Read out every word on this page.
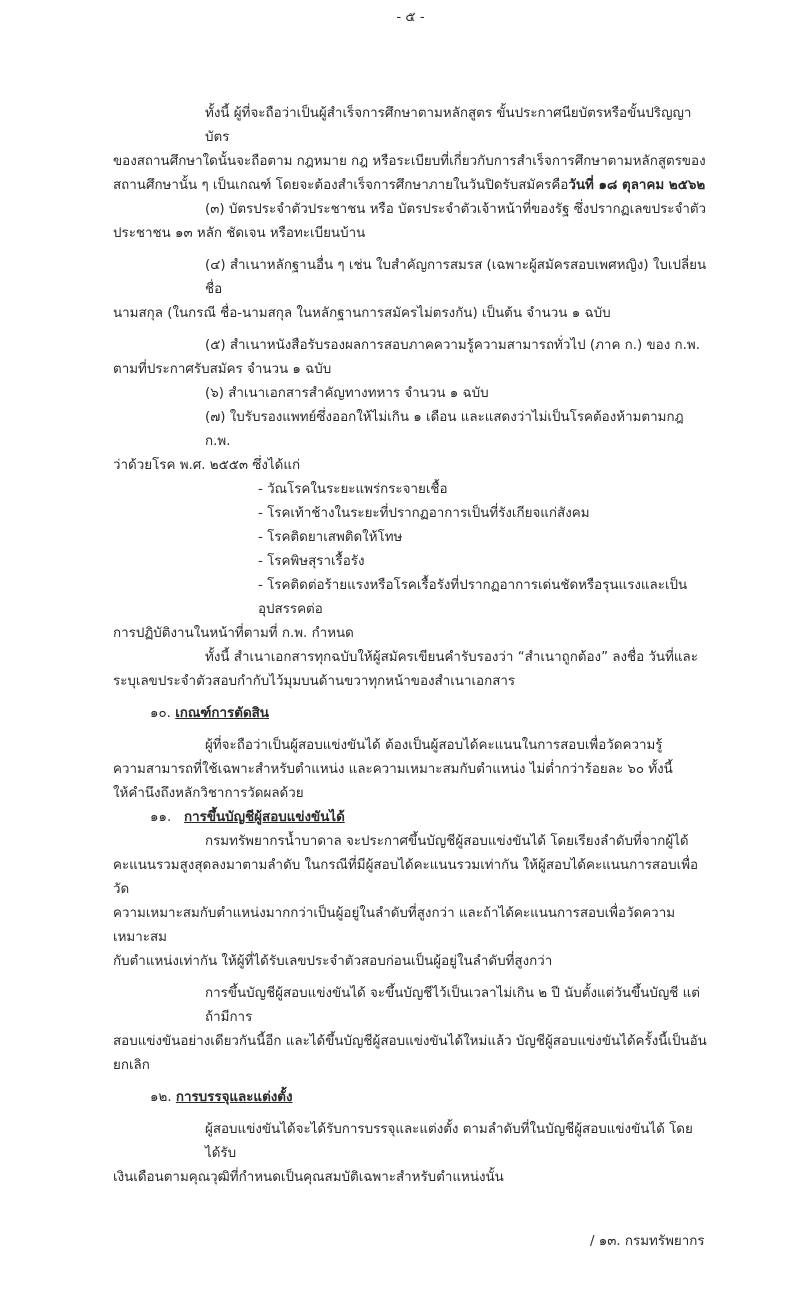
- ๕ -
ทั้งนี้ ผู้ที่จะถือว่าเป็นผู้สำเร็จการศึกษาตามหลักสูตร ขั้นประกาศนียบัตรหรือขั้นปริญญาบัตร
ของสถานศึกษาใดนั้นจะถือตาม กฎหมาย กฎ หรือระเบียบที่เกี่ยวกับการสำเร็จการศึกษาตามหลักสูตรของ
สถานศึกษานั้น ๆ เป็นเกณฑ์ โดยจะต้องสำเร็จการศึกษาภายในวันปิดรับสมัครคือวันที่ ๑๘ ตุลาคม ๒๕๖๒
(๓) บัตรประจำตัวประชาชน หรือ บัตรประจำตัวเจ้าหน้าที่ของรัฐ ซึ่งปรากฏเลขประจำตัว
ประชาชน ๑๓ หลัก ชัดเจน หรือทะเบียนบ้าน
(๔) สำเนาหลักฐานอื่น ๆ เช่น ใบสำคัญการสมรส (เฉพาะผู้สมัครสอบเพศหญิง) ใบเปลี่ยนชื่อ
นามสกุล (ในกรณี ชื่อ-นามสกุล ในหลักฐานการสมัครไม่ตรงกัน) เป็นต้น จำนวน ๑ ฉบับ
(๕) สำเนาหนังสือรับรองผลการสอบภาคความรู้ความสามารถทั่วไป (ภาค ก.) ของ ก.พ.
ตามที่ประกาศรับสมัคร จำนวน ๑ ฉบับ
(๖) สำเนาเอกสารสำคัญทางทหาร จำนวน ๑ ฉบับ
(๗) ใบรับรองแพทย์ซึ่งออกให้ไม่เกิน ๑ เดือน และแสดงว่าไม่เป็นโรคต้องห้ามตามกฎ ก.พ.
ว่าด้วยโรค พ.ศ. ๒๕๕๓ ซึ่งได้แก่
- วัณโรคในระยะแพร่กระจายเชื้อ
- โรคเท้าช้างในระยะที่ปรากฏอาการเป็นที่รังเกียจแก่สังคม
- โรคติดยาเสพติดให้โทษ
- โรคพิษสุราเรื้อรัง
- โรคติดต่อร้ายแรงหรือโรคเรื้อรังที่ปรากฏอาการเด่นชัดหรือรุนแรงและเป็นอุปสรรคต่อ
การปฏิบัติงานในหน้าที่ตามที่ ก.พ. กำหนด
ทั้งนี้ สำเนาเอกสารทุกฉบับให้ผู้สมัครเขียนคำรับรองว่า “สำเนาถูกต้อง” ลงชื่อ วันที่และ
ระบุเลขประจำตัวสอบกำกับไว้มุมบนด้านขวาทุกหน้าของสำเนาเอกสาร
๑๐. เกณฑ์การตัดสิน
ผู้ที่จะถือว่าเป็นผู้สอบแข่งขันได้ ต้องเป็นผู้สอบได้คะแนนในการสอบเพื่อวัดความรู้
ความสามารถที่ใช้เฉพาะสำหรับตำแหน่ง และความเหมาะสมกับตำแหน่ง ไม่ต่ำกว่าร้อยละ ๖๐ ทั้งนี้
ให้คำนึงถึงหลักวิชาการวัดผลด้วย
๑๑. การขึ้นบัญชีผู้สอบแข่งขันได้
กรมทรัพยากรน้ำบาดาล จะประกาศขึ้นบัญชีผู้สอบแข่งขันได้ โดยเรียงลำดับที่จากผู้ได้
คะแนนรวมสูงสุดลงมาตามลำดับ ในกรณีที่มีผู้สอบได้คะแนนรวมเท่ากัน ให้ผู้สอบได้คะแนนการสอบเพื่อวัด
ความเหมาะสมกับตำแหน่งมากกว่าเป็นผู้อยู่ในลำดับที่สูงกว่า และถ้าได้คะแนนการสอบเพื่อวัดความเหมาะสม
กับตำแหน่งเท่ากัน ให้ผู้ที่ได้รับเลขประจำตัวสอบก่อนเป็นผู้อยู่ในลำดับที่สูงกว่า
การขึ้นบัญชีผู้สอบแข่งขันได้ จะขึ้นบัญชีไว้เป็นเวลาไม่เกิน ๒ ปี นับตั้งแต่วันขึ้นบัญชี แต่ถ้ามีการ
สอบแข่งขันอย่างเดียวกันนี้อีก และได้ขึ้นบัญชีผู้สอบแข่งขันได้ใหม่แล้ว บัญชีผู้สอบแข่งขันได้ครั้งนี้เป็นอันยกเลิก
๑๒. การบรรจุและแต่งตั้ง
ผู้สอบแข่งขันได้จะได้รับการบรรจุและแต่งตั้ง ตามลำดับที่ในบัญชีผู้สอบแข่งขันได้ โดยได้รับ
เงินเดือนตามคุณวุฒิที่กำหนดเป็นคุณสมบัติเฉพาะสำหรับตำแหน่งนั้น
/ ๑๓. กรมทรัพยากร
